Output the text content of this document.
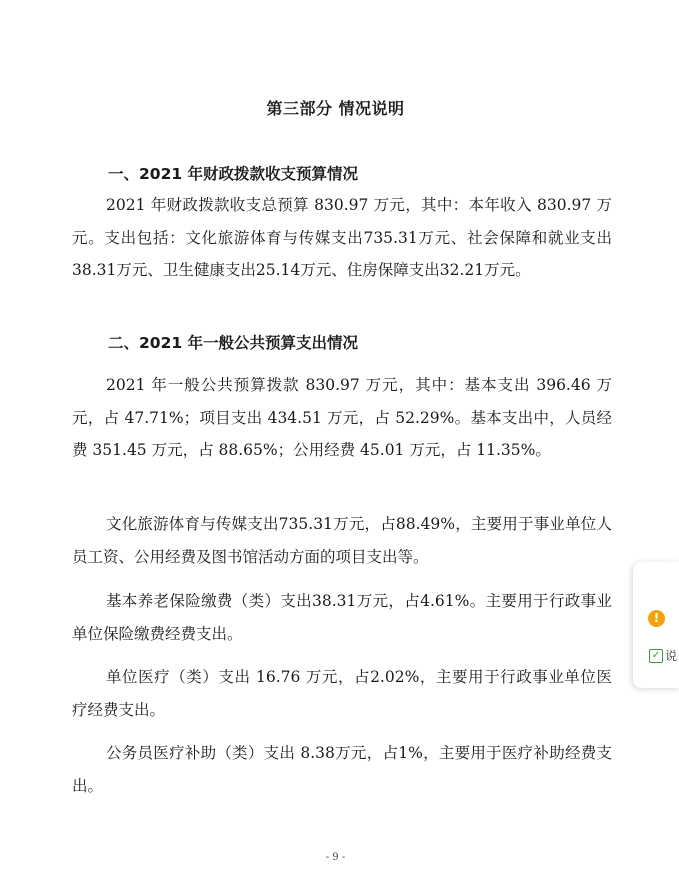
第三部分 情况说明
一、2021 年财政拨款收支预算情况
2021 年财政拨款收支总预算 830.97 万元，其中：本年收入 830.97 万元。支出包括：文化旅游体育与传媒支出735.31万元、社会保障和就业支出38.31万元、卫生健康支出25.14万元、住房保障支出32.21万元。
二、2021 年一般公共预算支出情况
2021 年一般公共预算拨款 830.97 万元，其中：基本支出 396.46 万元，占 47.71%；项目支出 434.51 万元，占 52.29%。基本支出中，人员经费 351.45 万元，占 88.65%；公用经费 45.01 万元，占 11.35%。
文化旅游体育与传媒支出735.31万元，占88.49%，主要用于事业单位人员工资、公用经费及图书馆活动方面的项目支出等。
基本养老保险缴费（类）支出38.31万元，占4.61%。主要用于行政事业单位保险缴费经费支出。
单位医疗（类）支出 16.76 万元，占2.02%，主要用于行政事业单位医疗经费支出。
公务员医疗补助（类）支出 8.38万元，占1%，主要用于医疗补助经费支出。
- 9 -
!
✓ 说
